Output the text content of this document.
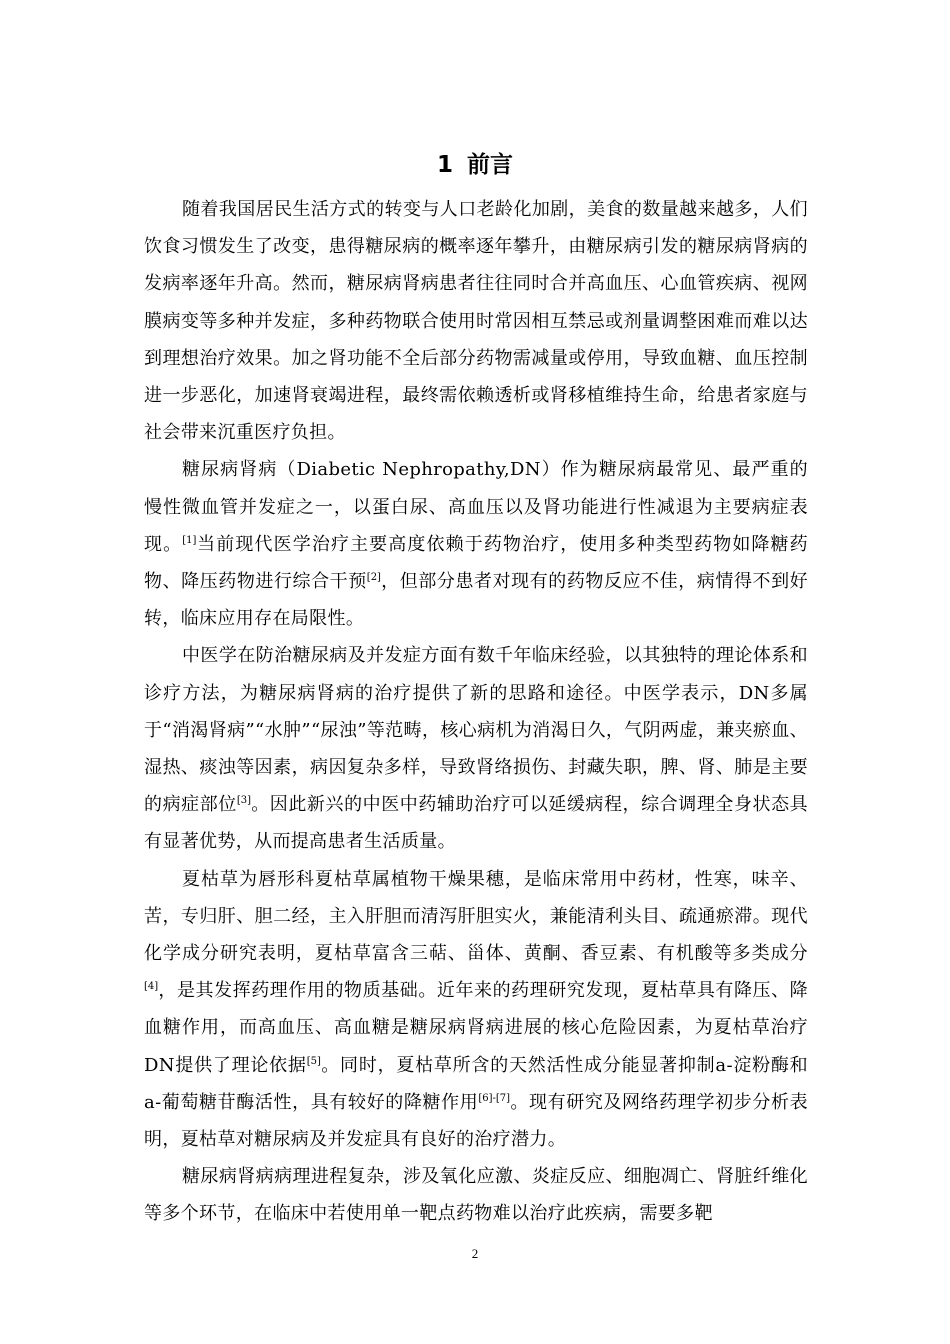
1 前言

随着我国居民生活方式的转变与人口老龄化加剧，美食的数量越来越多，人们饮食习惯发生了改变，患得糖尿病的概率逐年攀升，由糖尿病引发的糖尿病肾病的发病率逐年升高。然而，糖尿病肾病患者往往同时合并高血压、心血管疾病、视网膜病变等多种并发症，多种药物联合使用时常因相互禁忌或剂量调整困难而难以达到理想治疗效果。加之肾功能不全后部分药物需减量或停用，导致血糖、血压控制进一步恶化，加速肾衰竭进程，最终需依赖透析或肾移植维持生命，给患者家庭与社会带来沉重医疗负担。

糖尿病肾病（Diabetic Nephropathy,DN）作为糖尿病最常见、最严重的慢性微血管并发症之一，以蛋白尿、高血压以及肾功能进行性减退为主要病症表现。[1]当前现代医学治疗主要高度依赖于药物治疗，使用多种类型药物如降糖药物、降压药物进行综合干预[2]，但部分患者对现有的药物反应不佳，病情得不到好转，临床应用存在局限性。

中医学在防治糖尿病及并发症方面有数千年临床经验，以其独特的理论体系和诊疗方法，为糖尿病肾病的治疗提供了新的思路和途径。中医学表示，DN多属于“消渴肾病”“水肿”“尿浊”等范畴，核心病机为消渴日久，气阴两虚，兼夹瘀血、湿热、痰浊等因素，病因复杂多样，导致肾络损伤、封藏失职，脾、肾、肺是主要的病症部位[3]。因此新兴的中医中药辅助治疗可以延缓病程，综合调理全身状态具有显著优势，从而提高患者生活质量。

夏枯草为唇形科夏枯草属植物干燥果穗，是临床常用中药材，性寒，味辛、苦，专归肝、胆二经，主入肝胆而清泻肝胆实火，兼能清利头目、疏通瘀滞。现代化学成分研究表明，夏枯草富含三萜、甾体、黄酮、香豆素、有机酸等多类成分[4]，是其发挥药理作用的物质基础。近年来的药理研究发现，夏枯草具有降压、降血糖作用，而高血压、高血糖是糖尿病肾病进展的核心危险因素，为夏枯草治疗DN提供了理论依据[5]。同时，夏枯草所含的天然活性成分能显著抑制a-淀粉酶和a-葡萄糖苷酶活性，具有较好的降糖作用[6]-[7]。现有研究及网络药理学初步分析表明，夏枯草对糖尿病及并发症具有良好的治疗潜力。

糖尿病肾病病理进程复杂，涉及氧化应激、炎症反应、细胞凋亡、肾脏纤维化等多个环节，在临床中若使用单一靶点药物难以治疗此疾病，需要多靶

2
